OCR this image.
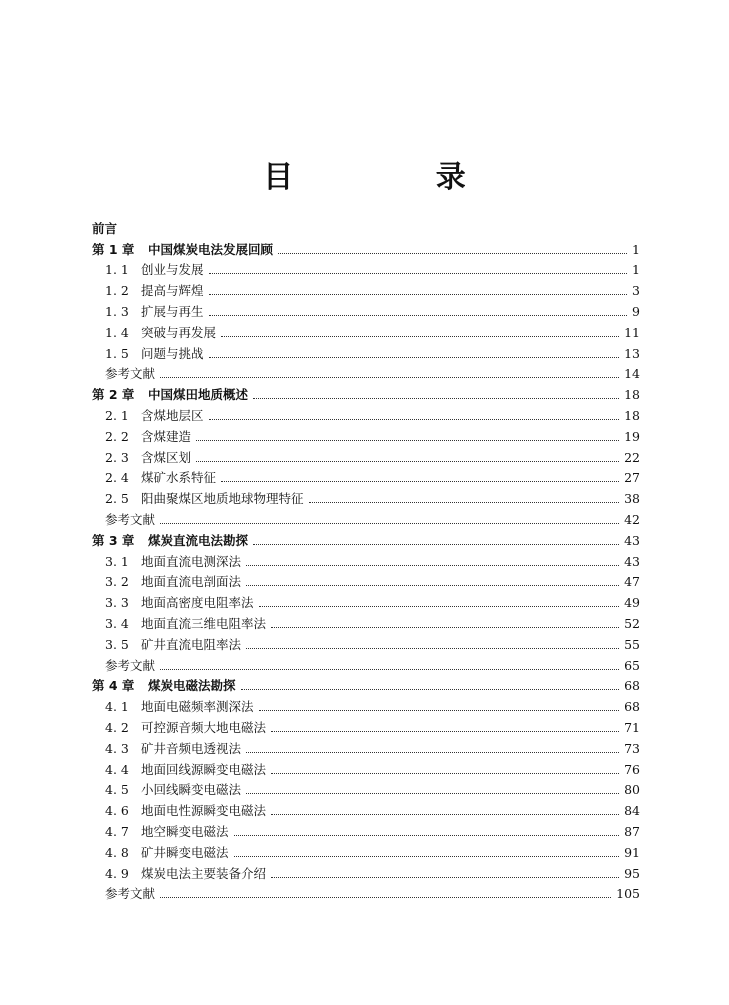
目 录
前言
第 1 章 中国煤炭电法发展回顾	1
1. 1 创业与发展	1
1. 2 提高与辉煌	3
1. 3 扩展与再生	9
1. 4 突破与再发展	11
1. 5 问题与挑战	13
参考文献	14
第 2 章 中国煤田地质概述	18
2. 1 含煤地层区	18
2. 2 含煤建造	19
2. 3 含煤区划	22
2. 4 煤矿水系特征	27
2. 5 阳曲聚煤区地质地球物理特征	38
参考文献	42
第 3 章 煤炭直流电法勘探	43
3. 1 地面直流电测深法	43
3. 2 地面直流电剖面法	47
3. 3 地面高密度电阻率法	49
3. 4 地面直流三维电阻率法	52
3. 5 矿井直流电阻率法	55
参考文献	65
第 4 章 煤炭电磁法勘探	68
4. 1 地面电磁频率测深法	68
4. 2 可控源音频大地电磁法	71
4. 3 矿井音频电透视法	73
4. 4 地面回线源瞬变电磁法	76
4. 5 小回线瞬变电磁法	80
4. 6 地面电性源瞬变电磁法	84
4. 7 地空瞬变电磁法	87
4. 8 矿井瞬变电磁法	91
4. 9 煤炭电法主要装备介绍	95
参考文献	105
